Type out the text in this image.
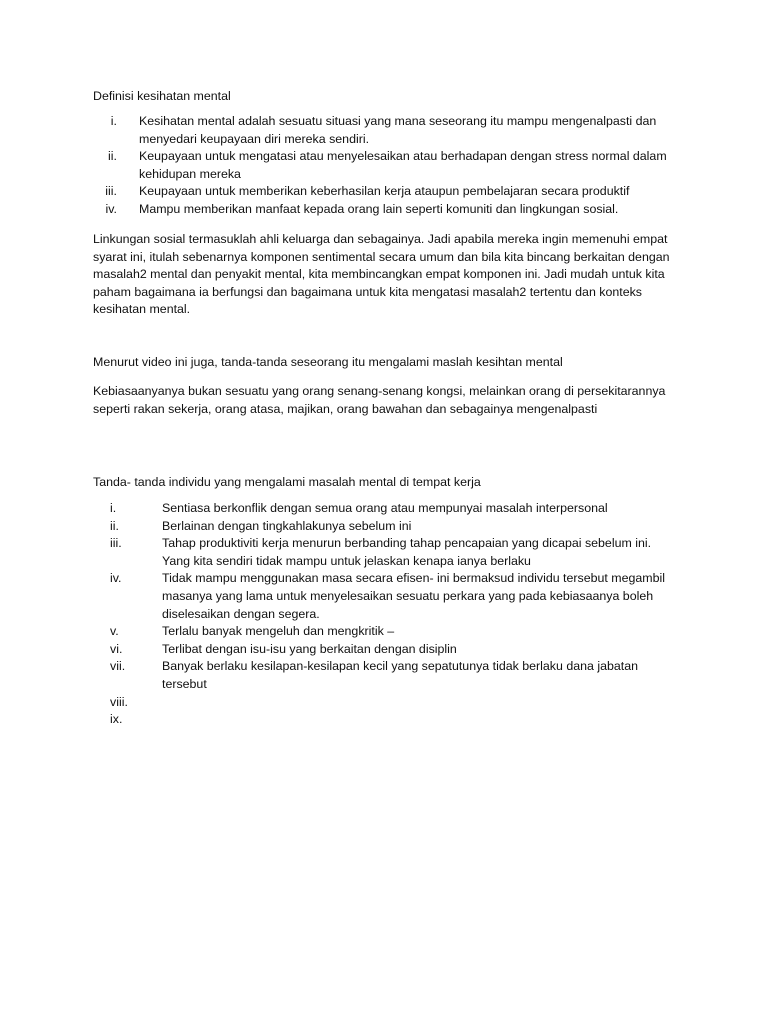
Definisi kesihatan mental

i. Kesihatan mental adalah sesuatu situasi yang mana seseorang itu mampu mengenalpasti dan menyedari keupayaan diri mereka sendiri.
ii. Keupayaan untuk mengatasi atau menyelesaikan atau berhadapan dengan stress normal dalam kehidupan mereka
iii. Keupayaan untuk memberikan keberhasilan kerja ataupun pembelajaran secara produktif
iv. Mampu memberikan manfaat kepada orang lain seperti komuniti dan lingkungan sosial.

Linkungan sosial termasuklah ahli keluarga dan sebagainya. Jadi apabila mereka ingin memenuhi empat syarat ini, itulah sebenarnya komponen sentimental secara umum dan bila kita bincang berkaitan dengan masalah2 mental dan penyakit mental, kita membincangkan empat komponen ini. Jadi mudah untuk kita paham bagaimana ia berfungsi dan bagaimana untuk kita mengatasi masalah2 tertentu dan konteks kesihatan mental.

Menurut video ini juga, tanda-tanda seseorang itu mengalami maslah kesihtan mental

Kebiasaanyanya bukan sesuatu yang orang senang-senang kongsi, melainkan orang di persekitarannya seperti rakan sekerja, orang atasa, majikan, orang bawahan dan sebagainya mengenalpasti

Tanda- tanda individu yang mengalami masalah mental di tempat kerja

i.	Sentiasa berkonflik dengan semua orang atau mempunyai masalah interpersonal
ii.	Berlainan dengan tingkahlakunya sebelum ini
iii.	Tahap produktiviti kerja menurun berbanding tahap pencapaian yang dicapai sebelum ini. Yang kita sendiri tidak mampu untuk jelaskan kenapa ianya berlaku
iv.	Tidak mampu menggunakan masa secara efisen- ini bermaksud individu tersebut megambil masanya yang lama untuk menyelesaikan sesuatu perkara yang pada kebiasaanya boleh diselesaikan dengan segera.
v.	Terlalu banyak mengeluh dan mengkritik –
vi.	Terlibat dengan isu-isu yang berkaitan dengan disiplin
vii.	Banyak berlaku kesilapan-kesilapan kecil yang sepatutunya tidak berlaku dana jabatan tersebut
viii.

ix.
